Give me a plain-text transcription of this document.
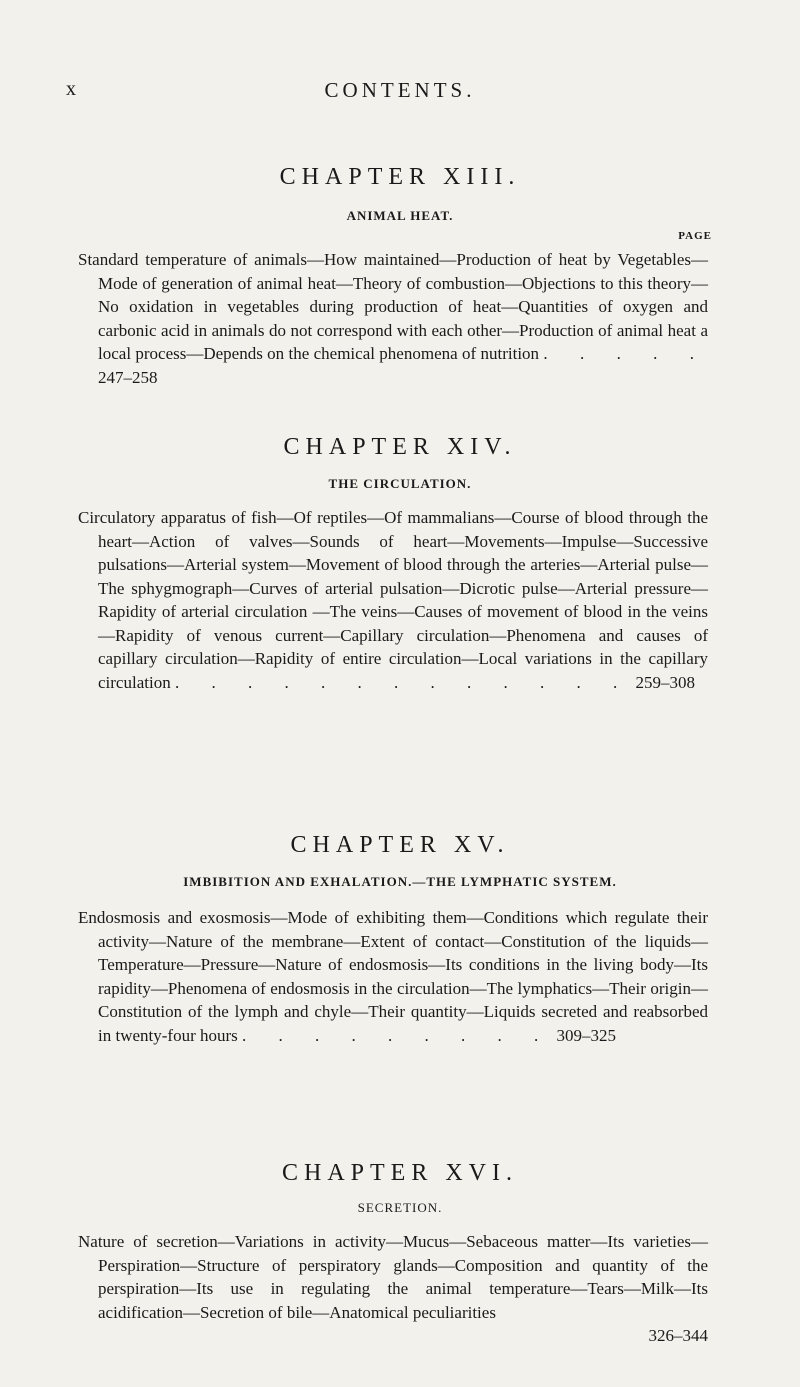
x	CONTENTS.

CHAPTER XIII.

ANIMAL HEAT.

PAGE

Standard temperature of animals—How maintained—Production of heat by Vegetables—Mode of generation of animal heat—Theory of combustion—Objections to this theory—No oxidation in vegetables during production of heat—Quantities of oxygen and carbonic acid in animals do not correspond with each other—Production of animal heat a local process—Depends on the chemical phenomena of nutrition . . . . . 247–258

CHAPTER XIV.

THE CIRCULATION.

Circulatory apparatus of fish—Of reptiles—Of mammalians—Course of blood through the heart—Action of valves—Sounds of heart—Movements—Impulse—Successive pulsations—Arterial system—Movement of blood through the arteries—Arterial pulse—The sphygmograph—Curves of arterial pulsation—Dicrotic pulse—Arterial pressure—Rapidity of arterial circulation —The veins—Causes of movement of blood in the veins—Rapidity of venous current—Capillary circulation—Phenomena and causes of capillary circulation—Rapidity of entire circulation—Local variations in the capillary circulation . . . . . . . . . . . . . 259–308

CHAPTER XV.

IMBIBITION AND EXHALATION.—THE LYMPHATIC SYSTEM.

Endosmosis and exosmosis—Mode of exhibiting them—Conditions which regulate their activity—Nature of the membrane—Extent of contact—Constitution of the liquids—Temperature—Pressure—Nature of endosmosis—Its conditions in the living body—Its rapidity—Phenomena of endosmosis in the circulation—The lymphatics—Their origin—Constitution of the lymph and chyle—Their quantity—Liquids secreted and reabsorbed in twenty-four hours . . . . . . . . . 309–325

CHAPTER XVI.

SECRETION.

Nature of secretion—Variations in activity—Mucus—Sebaceous matter—Its varieties—Perspiration—Structure of perspiratory glands—Composition and quantity of the perspiration—Its use in regulating the animal temperature—Tears—Milk—Its acidification—Secretion of bile—Anatomical peculiarities

326–344
